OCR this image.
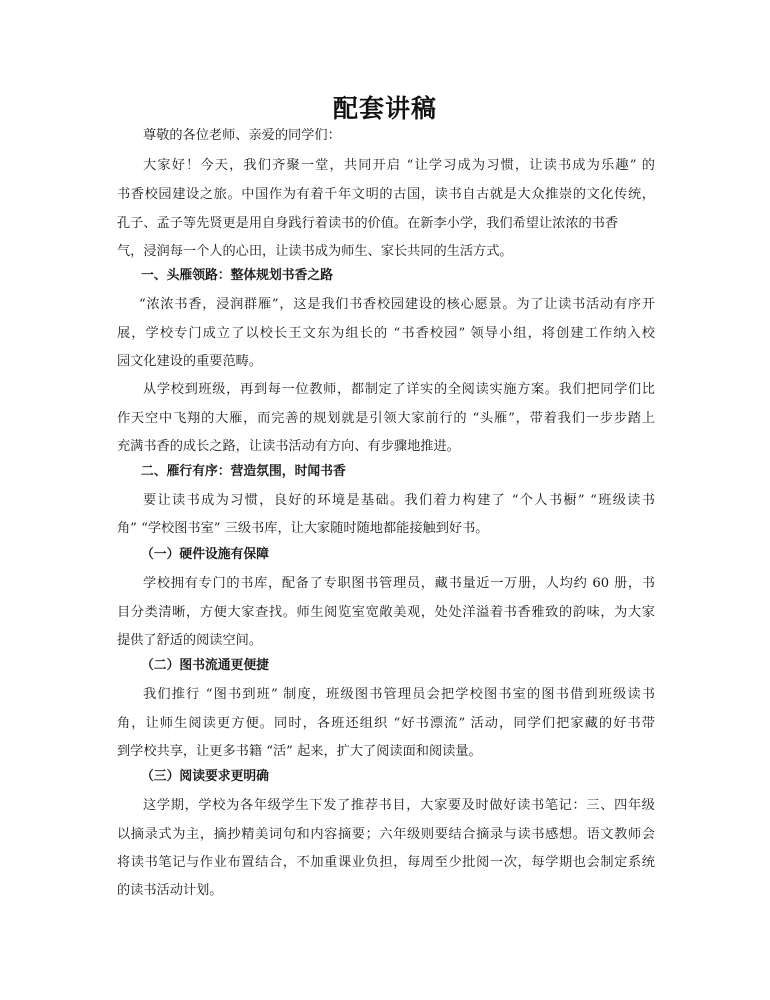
配套讲稿
尊敬的各位老师、亲爱的同学们：
大家好！今天，我们齐聚一堂，共同开启 “让学习成为习惯，让读书成为乐趣” 的
书香校园建设之旅。中国作为有着千年文明的古国，读书自古就是大众推崇的文化传统，
孔子、孟子等先贤更是用自身践行着读书的价值。在新李小学，我们希望让浓浓的书香
气，浸润每一个人的心田，让读书成为师生、家长共同的生活方式。
一、头雁领路：整体规划书香之路
“浓浓书香，浸润群雁”，这是我们书香校园建设的核心愿景。为了让读书活动有序开
展，学校专门成立了以校长王文东为组长的 “书香校园” 领导小组，将创建工作纳入校
园文化建设的重要范畴。
从学校到班级，再到每一位教师，都制定了详实的全阅读实施方案。我们把同学们比
作天空中飞翔的大雁，而完善的规划就是引领大家前行的 “头雁”，带着我们一步步踏上
充满书香的成长之路，让读书活动有方向、有步骤地推进。
二、雁行有序：营造氛围，时闻书香
要让读书成为习惯，良好的环境是基础。我们着力构建了 “个人书橱” “班级读书
角” “学校图书室” 三级书库，让大家随时随地都能接触到好书。
（一）硬件设施有保障
学校拥有专门的书库，配备了专职图书管理员，藏书量近一万册，人均约 60 册，书
目分类清晰，方便大家查找。师生阅览室宽敞美观，处处洋溢着书香雅致的韵味，为大家
提供了舒适的阅读空间。
（二）图书流通更便捷
我们推行 “图书到班” 制度，班级图书管理员会把学校图书室的图书借到班级读书
角，让师生阅读更方便。同时，各班还组织 “好书漂流” 活动，同学们把家藏的好书带
到学校共享，让更多书籍 “活” 起来，扩大了阅读面和阅读量。
（三）阅读要求更明确
这学期，学校为各年级学生下发了推荐书目，大家要及时做好读书笔记：三、四年级
以摘录式为主，摘抄精美词句和内容摘要；六年级则要结合摘录与读书感想。语文教师会
将读书笔记与作业布置结合，不加重课业负担，每周至少批阅一次，每学期也会制定系统
的读书活动计划。
